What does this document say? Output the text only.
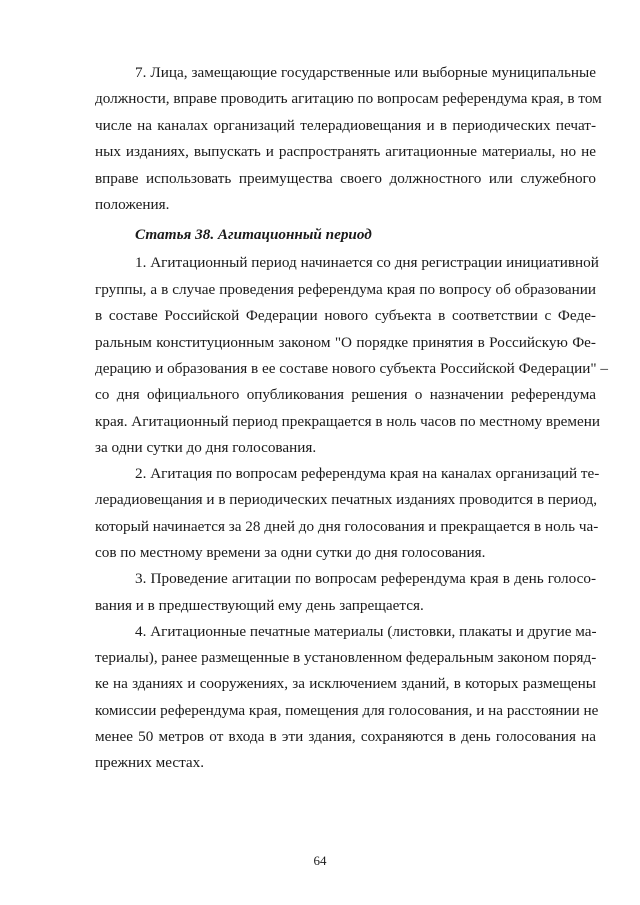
7. Лица, замещающие государственные или выборные муниципальные
должности, вправе проводить агитацию по вопросам референдума края, в том
числе на каналах организаций телерадиовещания и в периодических печат-
ных изданиях, выпускать и распространять агитационные материалы, но не
вправе использовать преимущества своего должностного или служебного
положения.
Статья 38. Агитационный период
1. Агитационный период начинается со дня регистрации инициативной
группы, а в случае проведения референдума края по вопросу об образовании
в составе Российской Федерации нового субъекта в соответствии с Феде-
ральным конституционным законом "О порядке принятия в Российскую Фе-
дерацию и образования в ее составе нового субъекта Российской Федерации" –
со дня официального опубликования решения о назначении референдума
края. Агитационный период прекращается в ноль часов по местному времени
за одни сутки до дня голосования.
2. Агитация по вопросам референдума края на каналах организаций те-
лерадиовещания и в периодических печатных изданиях проводится в период,
который начинается за 28 дней до дня голосования и прекращается в ноль ча-
сов по местному времени за одни сутки до дня голосования.
3. Проведение агитации по вопросам референдума края в день голосо-
вания и в предшествующий ему день запрещается.
4. Агитационные печатные материалы (листовки, плакаты и другие ма-
териалы), ранее размещенные в установленном федеральным законом поряд-
ке на зданиях и сооружениях, за исключением зданий, в которых размещены
комиссии референдума края, помещения для голосования, и на расстоянии не
менее 50 метров от входа в эти здания, сохраняются в день голосования на
прежних местах.
64
